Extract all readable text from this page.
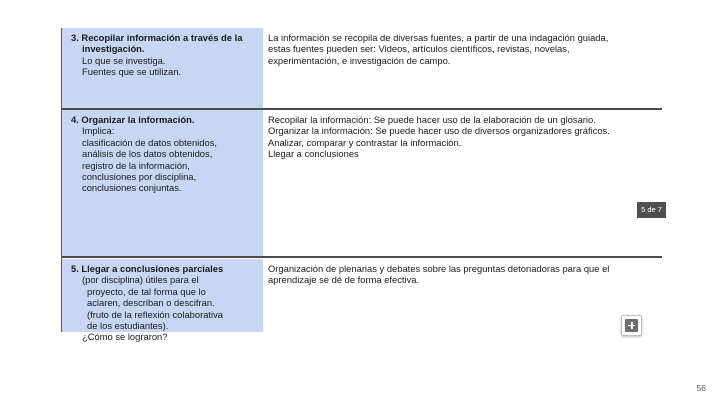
3. Recopilar información a través de la
investigación.
Lo que se investiga.
Fuentes que se utilizan.
La información se recopila de diversas fuentes, a partir de una indagación guiada,
estas fuentes pueden ser: Videos, artículos científicos, revistas, novelas,
experimentación, e investigación de campo.
4. Organizar la información.
Implica:
clasificación de datos obtenidos,
análisis de los datos obtenidos,
registro de la información,
conclusiones por disciplina,
conclusiones conjuntas.
Recopilar la información: Se puede hacer uso de la elaboración de un glosario.
Organizar la información: Se puede hacer uso de diversos organizadores gráficos.
Analizar, comparar y contrastar la información.
Llegar a conclusiones
5. Llegar a conclusiones parciales
(por disciplina) útiles para el
proyecto, de tal forma que lo
aclaren, describan o descifran.
(fruto de la reflexión colaborativa
de los estudiantes).
¿Cómo se lograron?
Organización de plenarias y debates sobre las preguntas detonadoras para que el
aprendizaje se dé de forma efectiva.
5 de 7
56
